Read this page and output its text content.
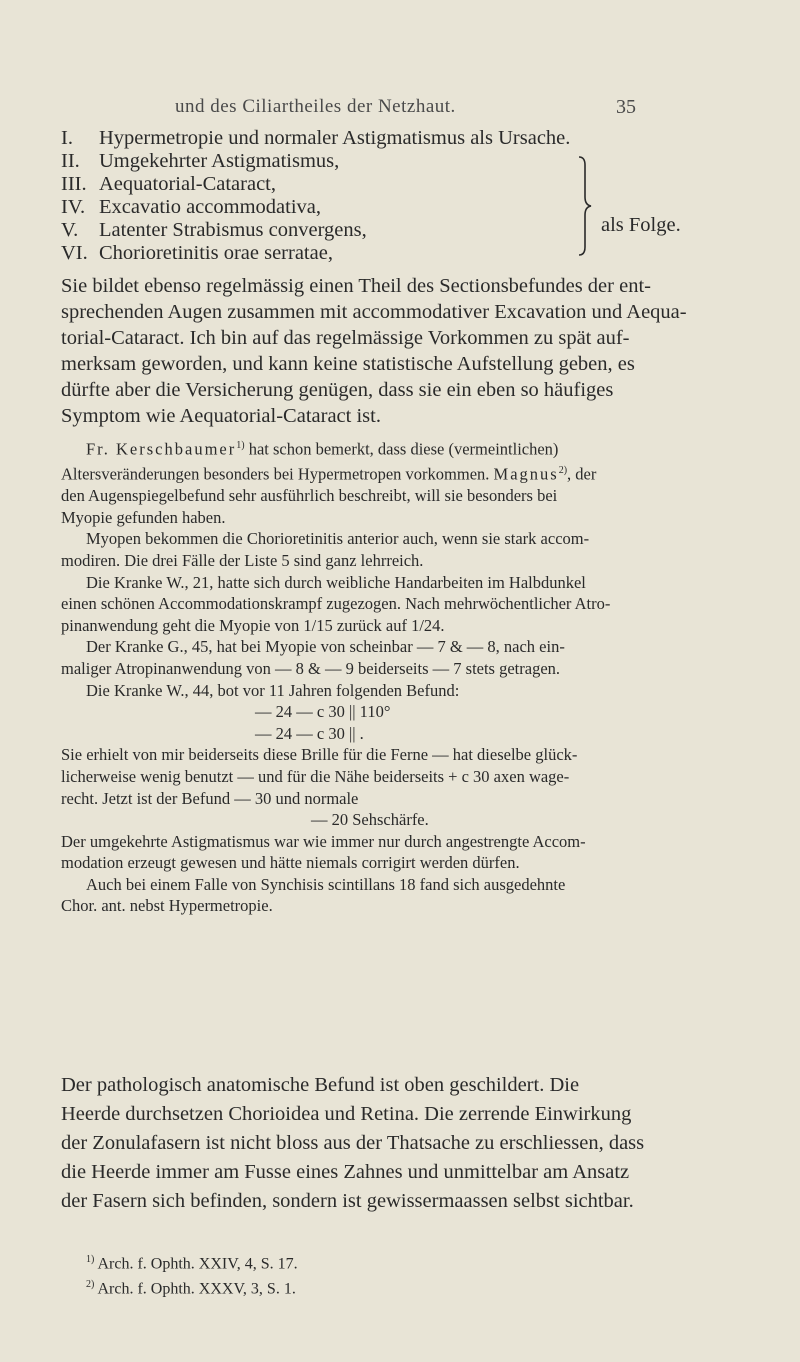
und des Ciliartheiles der Netzhaut.	35
I. Hypermetropie und normaler Astigmatismus als Ursache.
II. Umgekehrter Astigmatismus,
III. Aequatorial-Cataract,
IV. Excavatio accommodativa,
V. Latenter Strabismus convergens,
VI. Chorioretinitis orae serratae,
als Folge.

Sie bildet ebenso regelmässig einen Theil des Sectionsbefundes der ent-

sprechenden Augen zusammen mit accommodativer Excavation und Aequa-

torial-Cataract. Ich bin auf das regelmässige Vorkommen zu spät auf-

merksam geworden, und kann keine statistische Aufstellung geben, es

dürfte aber die Versicherung genügen, dass sie ein eben so häufiges

Symptom wie Aequatorial-Cataract ist.

Fr. Kerschbaumer$^{1)}$ hat schon bemerkt, dass diese (vermeintlichen)

Altersveränderungen besonders bei Hypermetropen vorkommen. Magnus$^{2)}$, der

den Augenspiegelbefund sehr ausführlich beschreibt, will sie besonders bei

Myopie gefunden haben.

Myopen bekommen die Chorioretinitis anterior auch, wenn sie stark accom-

modiren. Die drei Fälle der Liste 5 sind ganz lehrreich.

Die Kranke W., 21, hatte sich durch weibliche Handarbeiten im Halbdunkel

einen schönen Accommodationskrampf zugezogen. Nach mehrwöchentlicher Atro-

pinanwendung geht die Myopie von 1/15 zurück auf 1/24.

Der Kranke G., 45, hat bei Myopie von scheinbar — 7 & — 8, nach ein-

maliger Atropinanwendung von — 8 & — 9 beiderseits — 7 stets getragen.

Die Kranke W., 44, bot vor 11 Jahren folgenden Befund:

— 24 — c 30 || 110°

— 24 — c 30 || .

Sie erhielt von mir beiderseits diese Brille für die Ferne — hat dieselbe glück-

licherweise wenig benutzt — und für die Nähe beiderseits + c 30 axen wage-

recht. Jetzt ist der Befund — 30 und normale

— 20 Sehschärfe.

Der umgekehrte Astigmatismus war wie immer nur durch angestrengte Accom-

modation erzeugt gewesen und hätte niemals corrigirt werden dürfen.

Auch bei einem Falle von Synchisis scintillans 18 fand sich ausgedehnte

Chor. ant. nebst Hypermetropie.

Der pathologisch anatomische Befund ist oben geschildert. Die

Heerde durchsetzen Chorioidea und Retina. Die zerrende Einwirkung

der Zonulafasern ist nicht bloss aus der Thatsache zu erschliessen, dass

die Heerde immer am Fusse eines Zahnes und unmittelbar am Ansatz

der Fasern sich befinden, sondern ist gewissermaassen selbst sichtbar.

$^{1)}$ Arch. f. Ophth. XXIV, 4, S. 17.
$^{2)}$ Arch. f. Ophth. XXXV, 3, S. 1.
